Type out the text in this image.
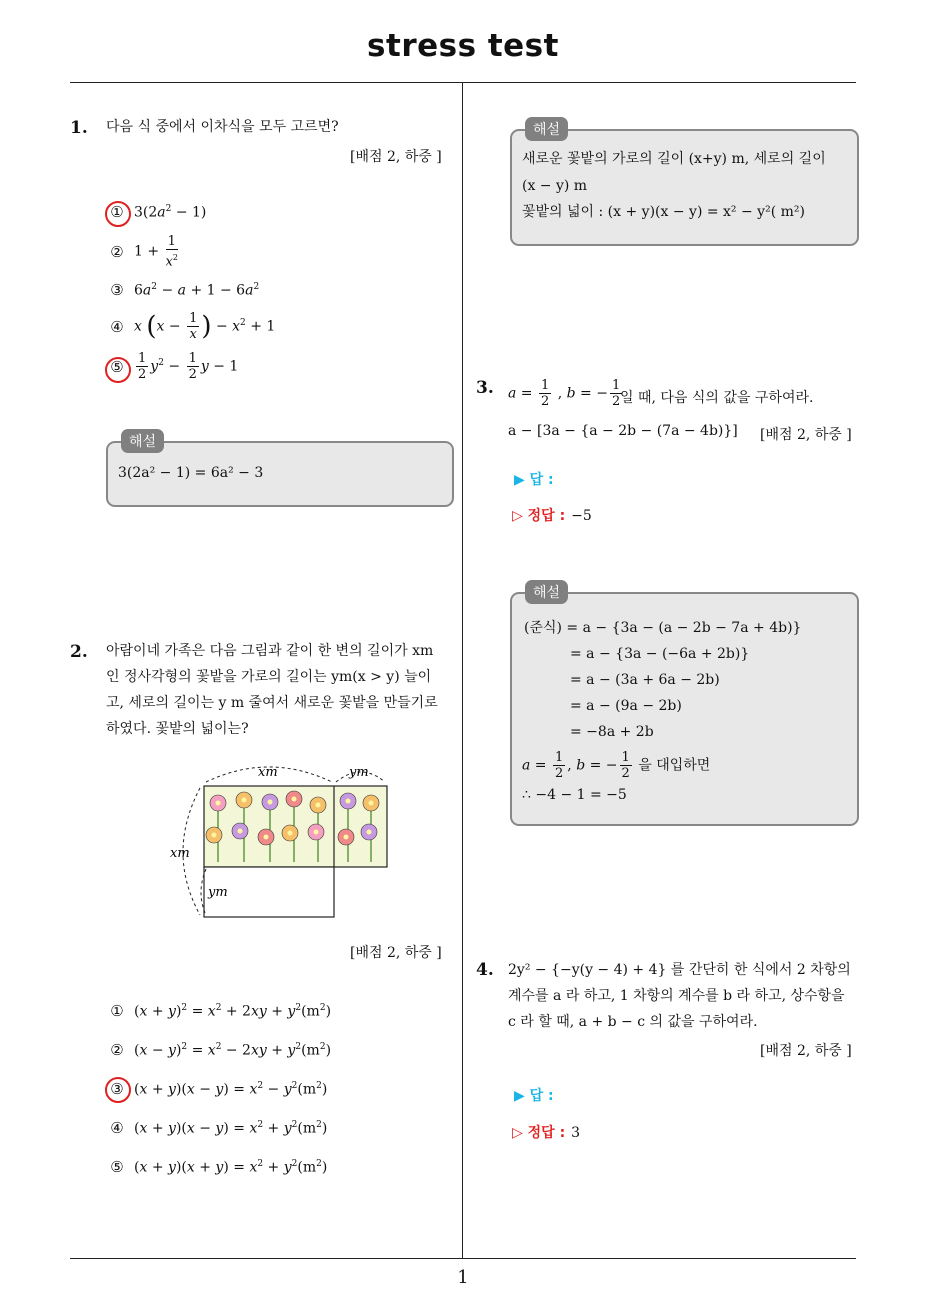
stress test
1
1. 다음 식 중에서 이차식을 모두 고르면?
[배점 2, 하중 ]
① $3(2a^2 - 1)$
② $1 + \frac{1}{x^2}$
③ $6a^2 - a + 1 - 6a^2$
④ x ($x - \frac{1}{x}$ ) − $x^2 + 1$
⑤ $\frac{1}{2} y^2 - \frac{1}{2}$ y − 1
해설
3(2a² − 1) = 6a² − 3
2. 아람이네 가족은 다음 그림과 같이 한 변의 길이가 xm
인 정사각형의 꽃밭을 가로의 길이는 ym(x > y) 늘이
고, 세로의 길이는 y m 줄여서 새로운 꽃밭을 만들기로
하였다. 꽃밭의 넓이는?
xm	ym
xm
ym
[배점 2, 하중 ]
① $(x + y)^2 = x^2 + 2xy + y^2(m^2)$
② $(x - y)^2 = x^2 - 2xy + y^2(m^2)$
③ $(x + y)(x - y) = x^2 - y^2(m^2)$
④ $(x + y)(x - y) = x^2 + y^2(m^2)$
⑤ $(x + y)(x + y) = x^2 + y^2(m^2)$
해설
새로운 꽃밭의 가로의 길이 (x+y) m, 세로의 길이
(x − y) m
꽃밭의 넓이 : (x + y)(x − y) = x² − y²( m²)
3. $a = \frac{1}{2}$ , b = − $\frac{1}{2}$
일 때, 다음 식의 값을 구하여라.
a − [3a − {a − 2b − (7a − 4b)}] [배점 2, 하중 ]
▶ 답 :
▷ 정답 : −5
해설
(준식) = a − {3a − (a − 2b − 7a + 4b)}
= a − {3a − (−6a + 2b)}
= a − (3a + 6a − 2b)
= a − (9a − 2b)
= −8a + 2b
$a = \frac{1}{2}$ , b = − $\frac{1}{2}$ 을 대입하면
∴ −4 − 1 = −5
4. 2y² − {−y(y − 4) + 4} 를 간단히 한 식에서 2 차항의
계수를 a 라 하고, 1 차항의 계수를 b 라 하고, 상수항을
c 라 할 때, a + b − c 의 값을 구하여라.
[배점 2, 하중 ]
▶ 답 :
▷ 정답 : 3
